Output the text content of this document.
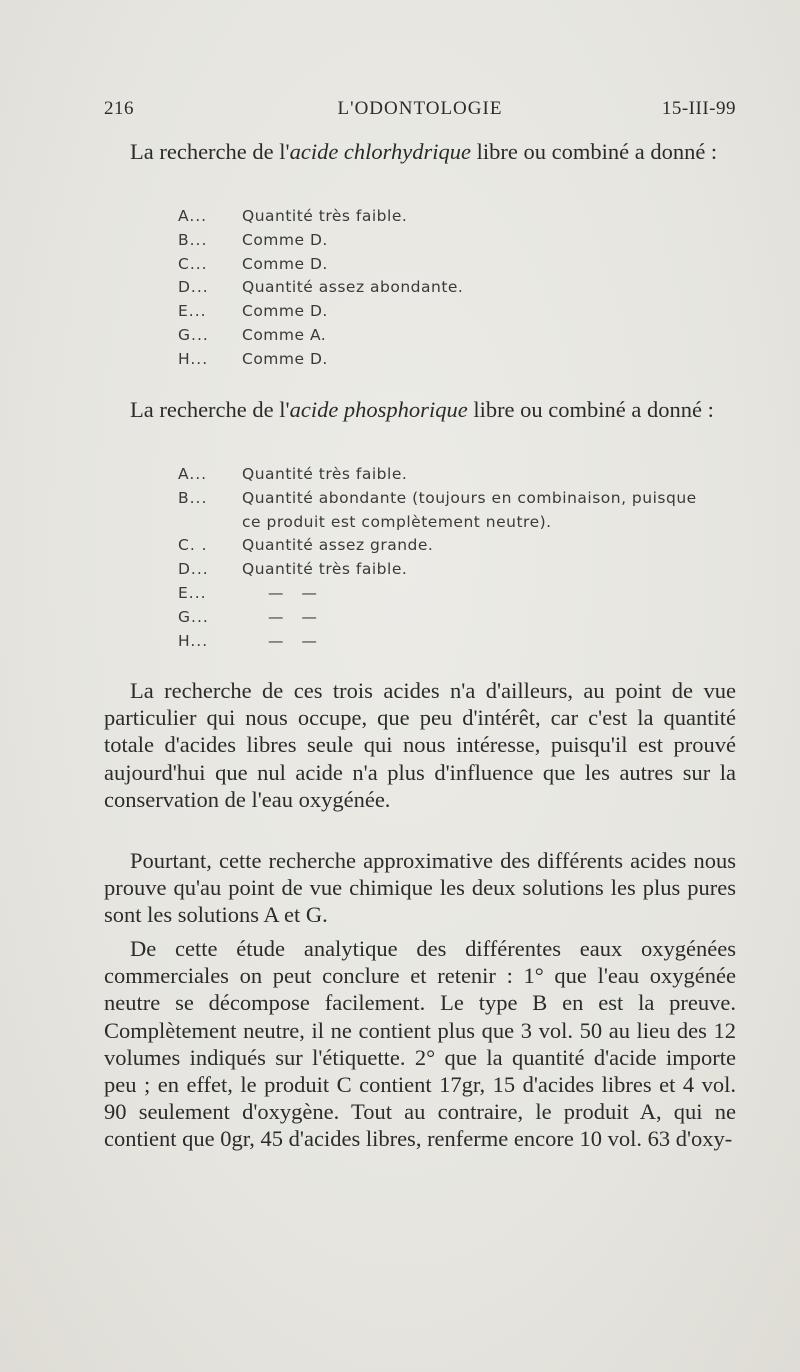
216	L'ODONTOLOGIE	15-III-99
La recherche de l'acide chlorhydrique libre ou combiné a donné :
A... Quantité très faible.
B... Comme D.
C... Comme D.
D... Quantité assez abondante.
E... Comme D.
G... Comme A.
H... Comme D.
La recherche de l'acide phosphorique libre ou combiné a donné :
A... Quantité très faible.
B... Quantité abondante (toujours en combinaison, puisque
ce produit est complètement neutre).
C. . Quantité assez grande.
D... Quantité très faible.
E...	— —
G...	— —
H...	— —
La recherche de ces trois acides n'a d'ailleurs, au point de vue particulier qui nous occupe, que peu d'intérêt, car c'est la quantité totale d'acides libres seule qui nous intéresse, puisqu'il est prouvé aujourd'hui que nul acide n'a plus d'influence que les autres sur la conservation de l'eau oxygénée.
Pourtant, cette recherche approximative des différents acides nous prouve qu'au point de vue chimique les deux solutions les plus pures sont les solutions A et G.
De cette étude analytique des différentes eaux oxygénées commerciales on peut conclure et retenir : 1° que l'eau oxygénée neutre se décompose facilement. Le type B en est la preuve. Complètement neutre, il ne contient plus que 3 vol. 50 au lieu des 12 volumes indiqués sur l'étiquette. 2° que la quantité d'acide importe peu ; en effet, le produit C contient 17gr, 15 d'acides libres et 4 vol. 90 seulement d'oxygène. Tout au contraire, le produit A, qui ne contient que 0gr, 45 d'acides libres, renferme encore 10 vol. 63 d'oxy-
